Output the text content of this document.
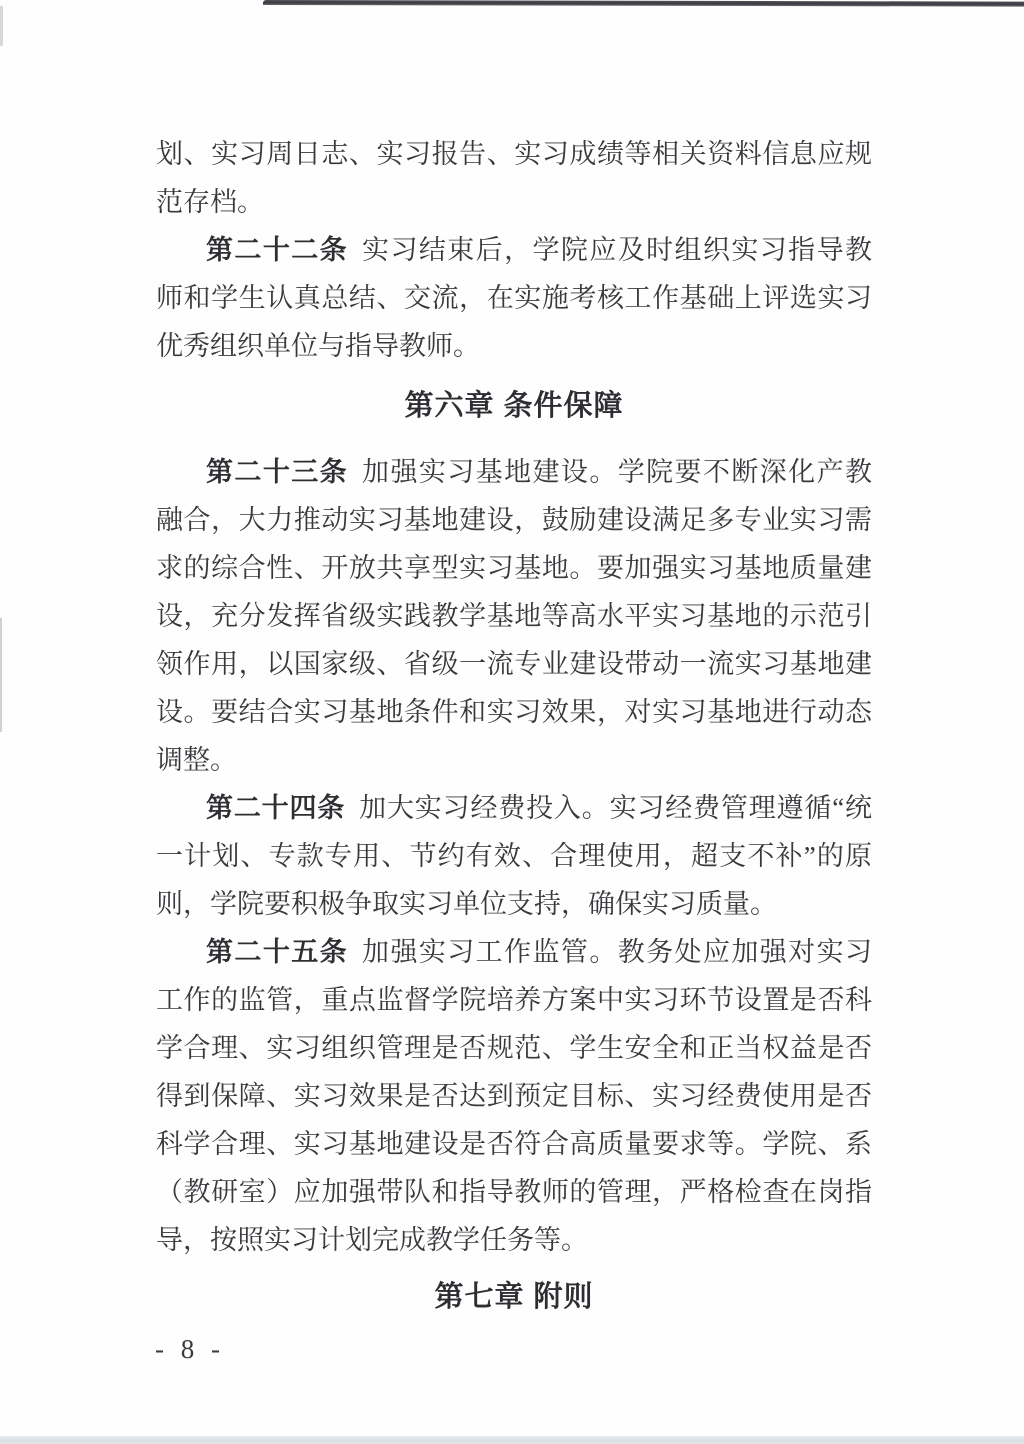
划、实习周日志、实习报告、实习成绩等相关资料信息应规
范存档。
第二十二条 实习结束后，学院应及时组织实习指导教
师和学生认真总结、交流，在实施考核工作基础上评选实习
优秀组织单位与指导教师。
第六章 条件保障
第二十三条 加强实习基地建设。学院要不断深化产教
融合，大力推动实习基地建设，鼓励建设满足多专业实习需
求的综合性、开放共享型实习基地。要加强实习基地质量建
设，充分发挥省级实践教学基地等高水平实习基地的示范引
领作用，以国家级、省级一流专业建设带动一流实习基地建
设。要结合实习基地条件和实习效果，对实习基地进行动态
调整。
第二十四条 加大实习经费投入。实习经费管理遵循“统
一计划、专款专用、节约有效、合理使用，超支不补”的原
则，学院要积极争取实习单位支持，确保实习质量。
第二十五条 加强实习工作监管。教务处应加强对实习
工作的监管，重点监督学院培养方案中实习环节设置是否科
学合理、实习组织管理是否规范、学生安全和正当权益是否
得到保障、实习效果是否达到预定目标、实习经费使用是否
科学合理、实习基地建设是否符合高质量要求等。学院、系
（教研室）应加强带队和指导教师的管理，严格检查在岗指
导，按照实习计划完成教学任务等。
第七章 附则
- 8 -
